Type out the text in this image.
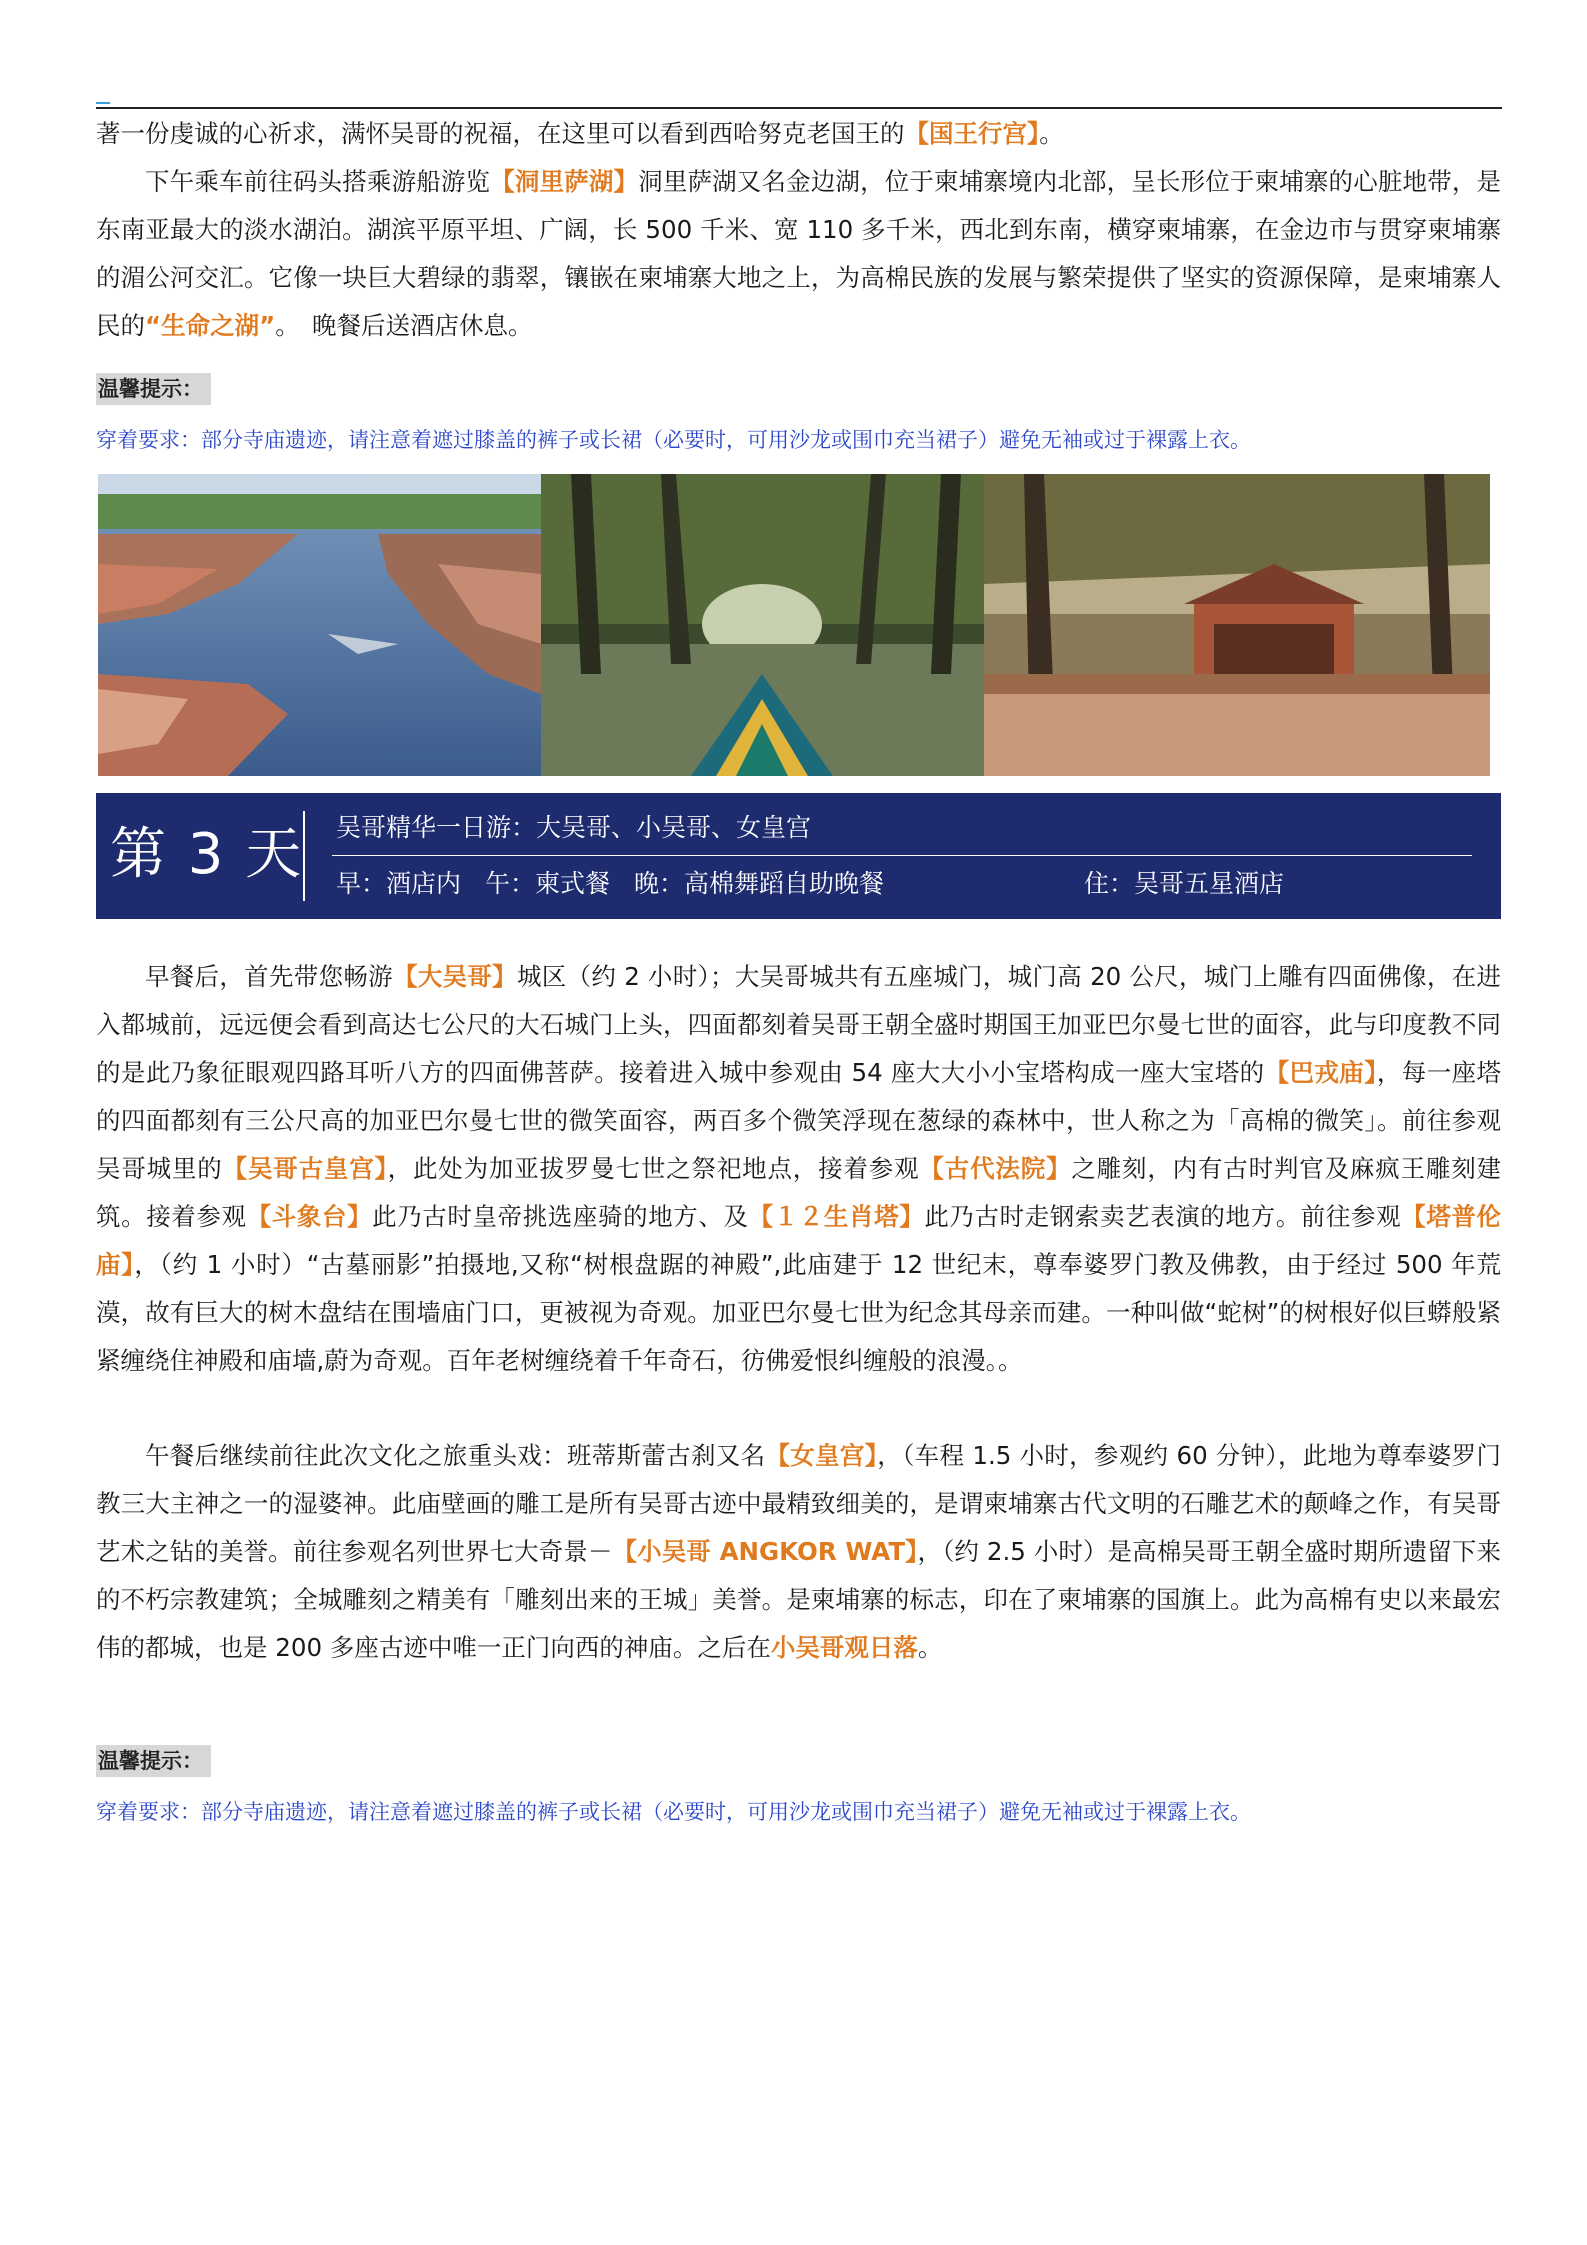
著一份虔诚的心祈求，满怀吴哥的祝福，在这里可以看到西哈努克老国王的【国王行宫】。

下午乘车前往码头搭乘游船游览【洞里萨湖】洞里萨湖又名金边湖，位于柬埔寨境内北部，呈长形位于柬埔寨的心脏地带，是东南亚最大的淡水湖泊。湖滨平原平坦、广阔，长 500 千米、宽 110 多千米，西北到东南，横穿柬埔寨，在金边市与贯穿柬埔寨的湄公河交汇。它像一块巨大碧绿的翡翠，镶嵌在柬埔寨大地之上，为高棉民族的发展与繁荣提供了坚实的资源保障，是柬埔寨人民的“生命之湖”。　晚餐后送酒店休息。

温馨提示：

穿着要求：部分寺庙遗迹，请注意着遮过膝盖的裤子或长裙（必要时，可用沙龙或围巾充当裙子）避免无袖或过于裸露上衣。

第 3 天 吴哥精华一日游：大吴哥、小吴哥、女皇宫
早：酒店内 午：柬式餐 晚：高棉舞蹈自助晚餐	住：吴哥五星酒店

早餐后，首先带您畅游【大吴哥】城区（约 2 小时）；大吴哥城共有五座城门，城门高 20 公尺，城门上雕有四面佛像，在进入都城前，远远便会看到高达七公尺的大石城门上头，四面都刻着吴哥王朝全盛时期国王加亚巴尔曼七世的面容，此与印度教不同的是此乃象征眼观四路耳听八方的四面佛菩萨。接着进入城中参观由 54 座大大小小宝塔构成一座大宝塔的【巴戎庙】，每一座塔的四面都刻有三公尺高的加亚巴尔曼七世的微笑面容，两百多个微笑浮现在葱绿的森林中，世人称之为「高棉的微笑」。前往参观吴哥城里的【吴哥古皇宫】，此处为加亚拔罗曼七世之祭祀地点，接着参观【古代法院】之雕刻，内有古时判官及麻疯王雕刻建筑。接着参观【斗象台】此乃古时皇帝挑选座骑的地方、及【１２生肖塔】此乃古时走钢索卖艺表演的地方。前往参观【塔普伦庙】，（约 1 小时）“古墓丽影”拍摄地,又称“树根盘踞的神殿”,此庙建于 12 世纪末，尊奉婆罗门教及佛教，由于经过 500 年荒漠，故有巨大的树木盘结在围墙庙门口，更被视为奇观。加亚巴尔曼七世为纪念其母亲而建。一种叫做“蛇树”的树根好似巨蟒般紧紧缠绕住神殿和庙墙,蔚为奇观。百年老树缠绕着千年奇石，彷佛爱恨纠缠般的浪漫。。

午餐后继续前往此次文化之旅重头戏：班蒂斯蕾古刹又名【女皇宫】，（车程 1.5 小时，参观约 60 分钟），此地为尊奉婆罗门教三大主神之一的湿婆神。此庙壁画的雕工是所有吴哥古迹中最精致细美的，是谓柬埔寨古代文明的石雕艺术的颠峰之作，有吴哥艺术之钻的美誉。前往参观名列世界七大奇景－【小吴哥 ANGKOR WAT】，（约 2.5 小时）是高棉吴哥王朝全盛时期所遗留下来的不朽宗教建筑；全城雕刻之精美有「雕刻出来的王城」美誉。是柬埔寨的标志，印在了柬埔寨的国旗上。此为高棉有史以来最宏伟的都城，也是 200 多座古迹中唯一正门向西的神庙。之后在小吴哥观日落。

温馨提示：

穿着要求：部分寺庙遗迹，请注意着遮过膝盖的裤子或长裙（必要时，可用沙龙或围巾充当裙子）避免无袖或过于裸露上衣。
